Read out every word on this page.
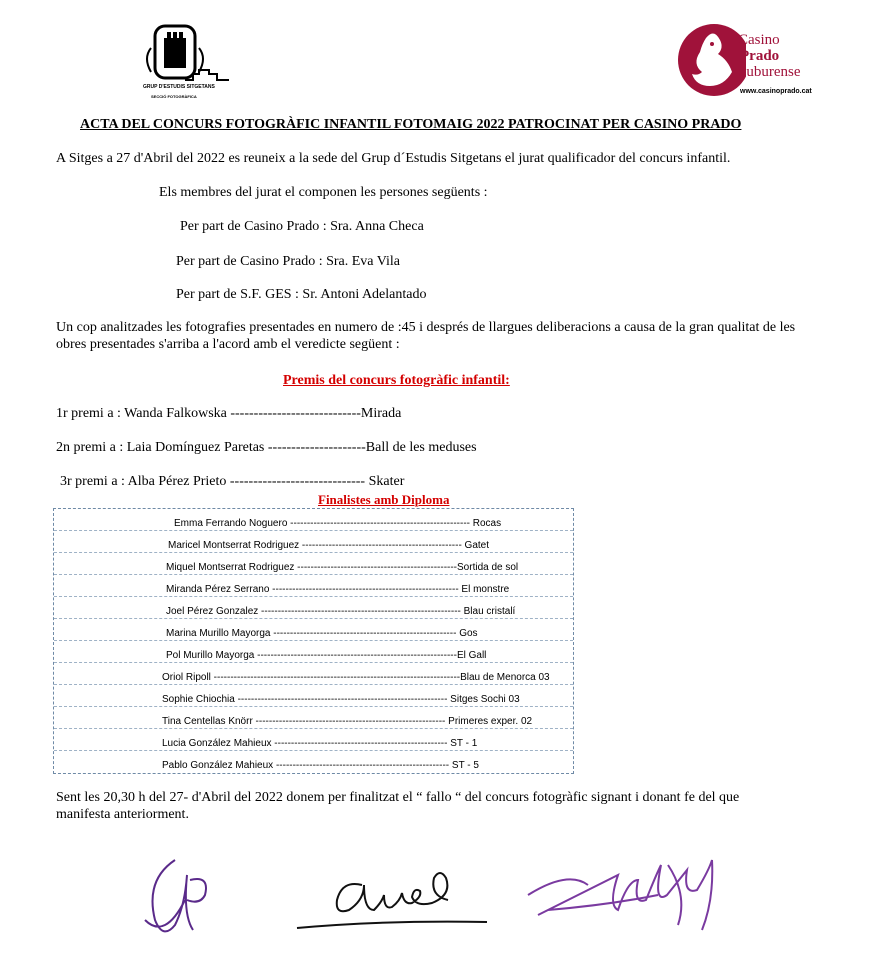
GRUP D'ESTUDIS SITGETANS
SECCIÓ FOTOGRÀFICA
Casino
Prado
Suburense
www.casinoprado.cat
ACTA DEL CONCURS FOTOGRÀFIC INFANTIL FOTOMAIG 2022 PATROCINAT PER CASINO PRADO
A Sitges a 27 d'Abril del 2022 es reuneix a la sede del Grup d´Estudis Sitgetans el jurat qualificador del concurs infantil.
Els membres del jurat el componen les persones següents :
Per part de Casino Prado : Sra. Anna Checa
Per part de Casino Prado : Sra. Eva Vila
Per part de S.F. GES : Sr. Antoni Adelantado
Un cop analitzades les fotografies presentades en numero de :45 i després de llargues deliberacions a causa de la gran qualitat de les
obres presentades s'arriba a l'acord amb el veredicte següent :
Premis del concurs fotogràfic infantil:
1r premi a : Wanda Falkowska ----------------------------Mirada
2n premi a : Laia Domínguez Paretas ---------------------Ball de les meduses
3r premi a : Alba Pérez Prieto ----------------------------- Skater
Finalistes amb Diploma
Emma Ferrando Noguero ------------------------------------------------------ Rocas
Maricel Montserrat Rodriguez ------------------------------------------------ Gatet
Miquel Montserrat Rodriguez ------------------------------------------------Sortida de sol
Miranda Pérez Serrano -------------------------------------------------------- El monstre
Joel Pérez Gonzalez ------------------------------------------------------------ Blau cristalí
Marina Murillo Mayorga ------------------------------------------------------- Gos
Pol Murillo Mayorga ------------------------------------------------------------El Gall
Oriol Ripoll --------------------------------------------------------------------------Blau de Menorca 03
Sophie Chiochia --------------------------------------------------------------- Sitges Sochi 03
Tina Centellas Knörr --------------------------------------------------------- Primeres exper. 02
Lucia González Mahieux ---------------------------------------------------- ST - 1
Pablo González Mahieux ---------------------------------------------------- ST - 5
Sent les 20,30 h del 27- d'Abril del 2022 donem per finalitzat el “ fallo “ del concurs fotogràfic signant i donant fe del que
manifesta anteriorment.
